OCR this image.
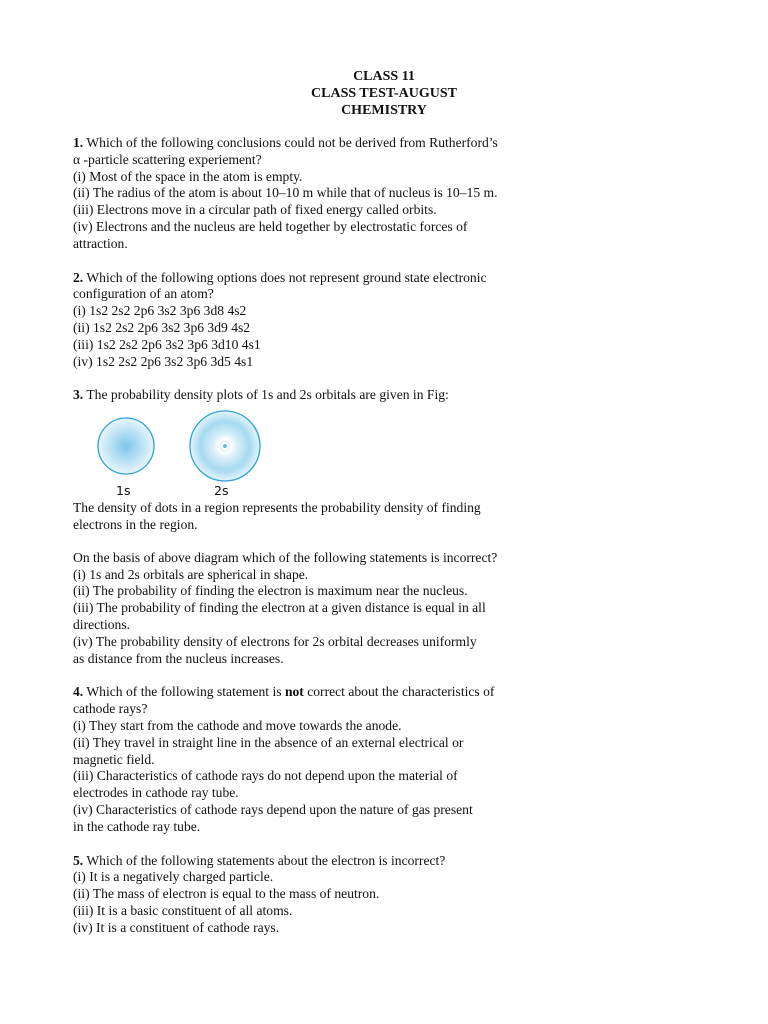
CLASS 11
CLASS TEST-AUGUST
CHEMISTRY
1. Which of the following conclusions could not be derived from Rutherford’s
α -particle scattering experiement?
(i) Most of the space in the atom is empty.
(ii) The radius of the atom is about 10–10 m while that of nucleus is 10–15 m.
(iii) Electrons move in a circular path of fixed energy called orbits.
(iv) Electrons and the nucleus are held together by electrostatic forces of
attraction.
2. Which of the following options does not represent ground state electronic
configuration of an atom?
(i) 1s2 2s2 2p6 3s2 3p6 3d8 4s2
(ii) 1s2 2s2 2p6 3s2 3p6 3d9 4s2
(iii) 1s2 2s2 2p6 3s2 3p6 3d10 4s1
(iv) 1s2 2s2 2p6 3s2 3p6 3d5 4s1
3. The probability density plots of 1s and 2s orbitals are given in Fig:
1s	2s
The density of dots in a region represents the probability density of finding
electrons in the region.
On the basis of above diagram which of the following statements is incorrect?
(i) 1s and 2s orbitals are spherical in shape.
(ii) The probability of finding the electron is maximum near the nucleus.
(iii) The probability of finding the electron at a given distance is equal in all
directions.
(iv) The probability density of electrons for 2s orbital decreases uniformly
as distance from the nucleus increases.
4. Which of the following statement is not correct about the characteristics of
cathode rays?
(i) They start from the cathode and move towards the anode.
(ii) They travel in straight line in the absence of an external electrical or
magnetic field.
(iii) Characteristics of cathode rays do not depend upon the material of
electrodes in cathode ray tube.
(iv) Characteristics of cathode rays depend upon the nature of gas present
in the cathode ray tube.
5. Which of the following statements about the electron is incorrect?
(i) It is a negatively charged particle.
(ii) The mass of electron is equal to the mass of neutron.
(iii) It is a basic constituent of all atoms.
(iv) It is a constituent of cathode rays.
